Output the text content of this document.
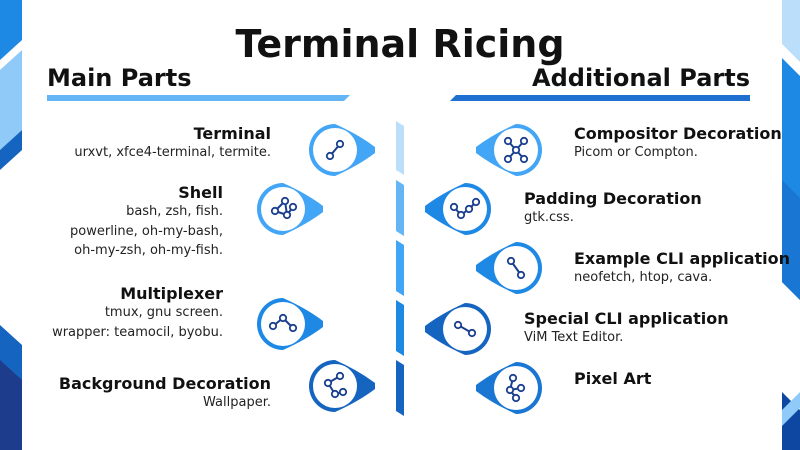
Terminal Ricing
Main Parts	Additional Parts
Terminal
urxvt, xfce4-terminal, termite.
Shell
bash, zsh, fish.
powerline, oh-my-bash,
oh-my-zsh, oh-my-fish.
Multiplexer
tmux, gnu screen.
wrapper: teamocil, byobu.
Background Decoration
Wallpaper.
Compositor Decoration
Picom or Compton.
Padding Decoration
gtk.css.
Example CLI application
neofetch, htop, cava.
Special CLI application
ViM Text Editor.
Pixel Art
